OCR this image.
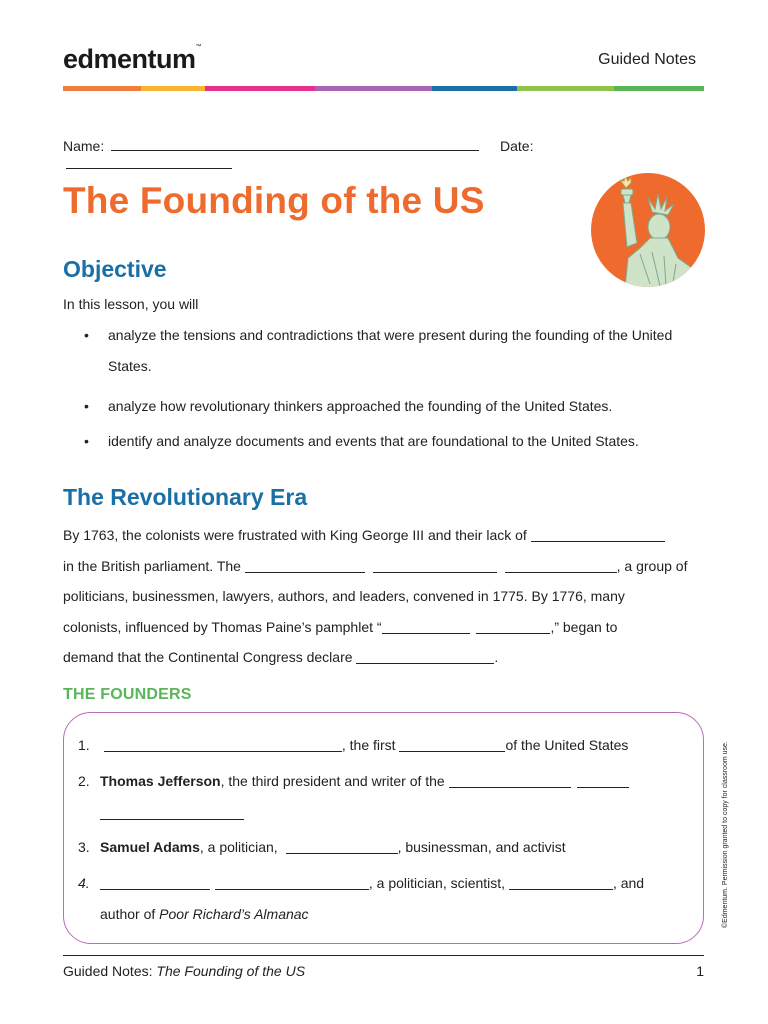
edmentum™
Guided Notes
Name:	Date:
The Founding of the US
Objective
In this lesson, you will
• analyze the tensions and contradictions that were present during the founding of the United States.
• analyze how revolutionary thinkers approached the founding of the United States.
• identify and analyze documents and events that are foundational to the United States.
The Revolutionary Era
By 1763, the colonists were frustrated with King George III and their lack of
in the British parliament. The	, a group of
politicians, businessmen, lawyers, authors, and leaders, convened in 1775. By 1776, many
colonists, influenced by Thomas Paine’s pamphlet “	,” began to
demand that the Continental Congress declare	.
THE FOUNDERS
1.	, the first	of the United States
2. Thomas Jefferson, the third president and writer of the
3. Samuel Adams, a politician,	, businessman, and activist
4.	, a politician, scientist,	, and
author of Poor Richard’s Almanac	©Edmentum. Permission granted to copy for classroom use.
Guided Notes: The Founding of the US	1
